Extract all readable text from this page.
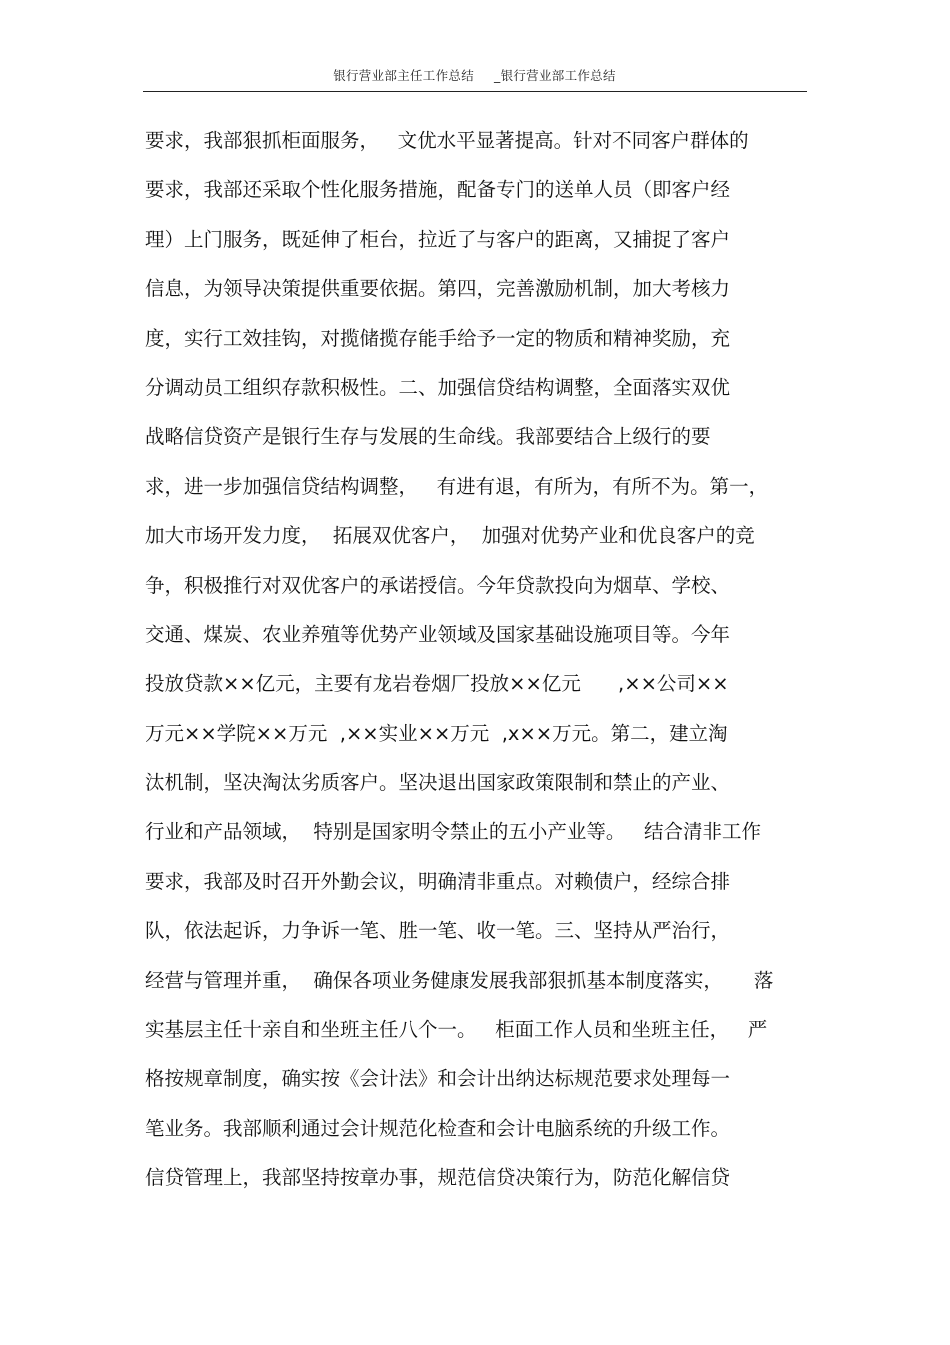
银行营业部主任工作总结 _银行营业部工作总结
要求，我部狠抓柜面服务，   文优水平显著提高。针对不同客户群体的
要求，我部还采取个性化服务措施，配备专门的送单人员（即客户经
理）上门服务，既延伸了柜台，拉近了与客户的距离，又捕捉了客户
信息，为领导决策提供重要依据。第四，完善激励机制，加大考核力
度，实行工效挂钩，对揽储揽存能手给予一定的物质和精神奖励，充
分调动员工组织存款积极性。二、加强信贷结构调整，全面落实双优
战略信贷资产是银行生存与发展的生命线。我部要结合上级行的要
求，进一步加强信贷结构调整，   有进有退，有所为，有所不为。第一，
加大市场开发力度，  拓展双优客户，  加强对优势产业和优良客户的竞
争，积极推行对双优客户的承诺授信。今年贷款投向为烟草、学校、
交通、煤炭、农业养殖等优势产业领域及国家基础设施项目等。今年
投放贷款××亿元，主要有龙岩卷烟厂投放××亿元      ,××公司××
万元××学院××万元  ,××实业××万元  ,x××万元。第二，建立淘
汰机制，坚决淘汰劣质客户。坚决退出国家政策限制和禁止的产业、
行业和产品领域，  特别是国家明令禁止的五小产业等。   结合清非工作
要求，我部及时召开外勤会议，明确清非重点。对赖债户，经综合排
队，依法起诉，力争诉一笔、胜一笔、收一笔。三、坚持从严治行，
经营与管理并重，  确保各项业务健康发展我部狠抓基本制度落实，     落
实基层主任十亲自和坐班主任八个一。   柜面工作人员和坐班主任，   严
格按规章制度，确实按《会计法》和会计出纳达标规范要求处理每一
笔业务。我部顺利通过会计规范化检查和会计电脑系统的升级工作。
信贷管理上，我部坚持按章办事，规范信贷决策行为，防范化解信贷
